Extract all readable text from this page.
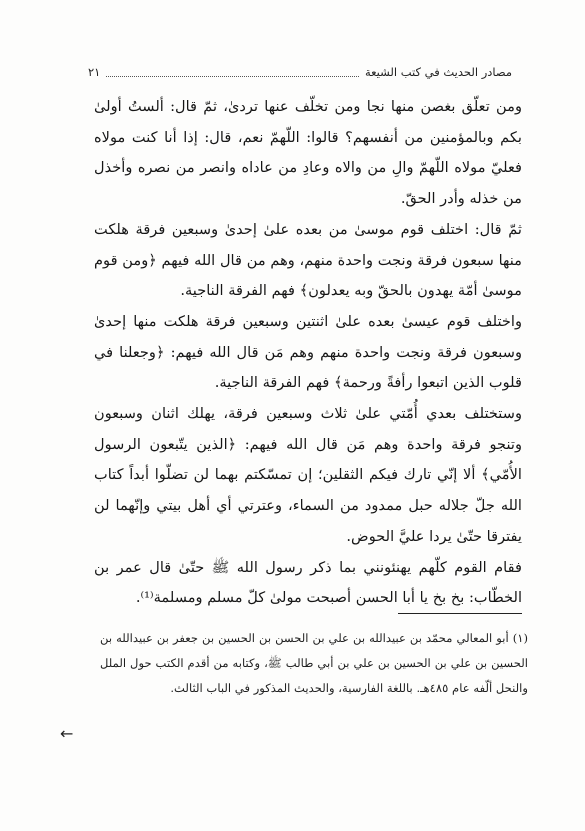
مصادر الحديث في كتب الشيعة
٢١

ومن تعلّق بغصن منها نجا ومن تخلّف عنها تردىٰ، ثمّ قال: ألستُ أولىٰ بكم وبالمؤمنين من أنفسهم؟ قالوا: اللّهمّ نعم، قال: إذا أنا كنت مولاه فعليّ مولاه اللّهمّ والِ من والاه وعادِ من عاداه وانصر من نصره وأخذل من خذله وأدر الحقّ.

ثمّ قال: اختلف قوم موسىٰ من بعده علىٰ إحدىٰ وسبعين فرقة هلكت منها سبعون فرقة ونجت واحدة منهم، وهم من قال الله فيهم ﴿ومن قوم موسىٰ أمّة يهدون بالحقّ وبه يعدلون﴾ فهم الفرقة الناجية.

واختلف قوم عيسىٰ بعده علىٰ اثنتين وسبعين فرقة هلكت منها إحدىٰ وسبعون فرقة ونجت واحدة منهم وهم مَن قال الله فيهم: ﴿وجعلنا في قلوب الذين اتبعوا رأفةً ورحمة﴾ فهم الفرقة الناجية.

وستختلف بعدي أُمّتي علىٰ ثلاث وسبعين فرقة، يهلك اثنان وسبعون وتنجو فرقة واحدة وهم مَن قال الله فيهم: ﴿الذين يتّبعون الرسول الأُمّي﴾ ألا إنّي تارك فيكم الثقلين؛ إن تمسّكتم بهما لن تضلّوا أبداً كتاب الله جلّ جلاله حبل ممدود من السماء، وعترتي أي أهل بيتي وإنّهما لن يفترقا حتّىٰ يردا عليَّ الحوض.

فقام القوم كلّهم يهنئونني بما ذكر رسول الله ﷺ حتّىٰ قال عمر بن الخطّاب: بخ بخ يا أبا الحسن أصبحت مولىٰ كلّ مسلم ومسلمة⁽¹⁾.

(١) أبو المعالي محمّد بن عبيدالله بن علي بن الحسن بن الحسين بن جعفر بن عبيدالله بن الحسين بن علي بن الحسين بن علي بن أبي طالب ﷺ، وكتابه من أقدم الكتب حول الملل والنحل ألّفه عام ٤٨٥هـ. باللغة الفارسية، والحديث المذكور في الباب الثالث.

←
